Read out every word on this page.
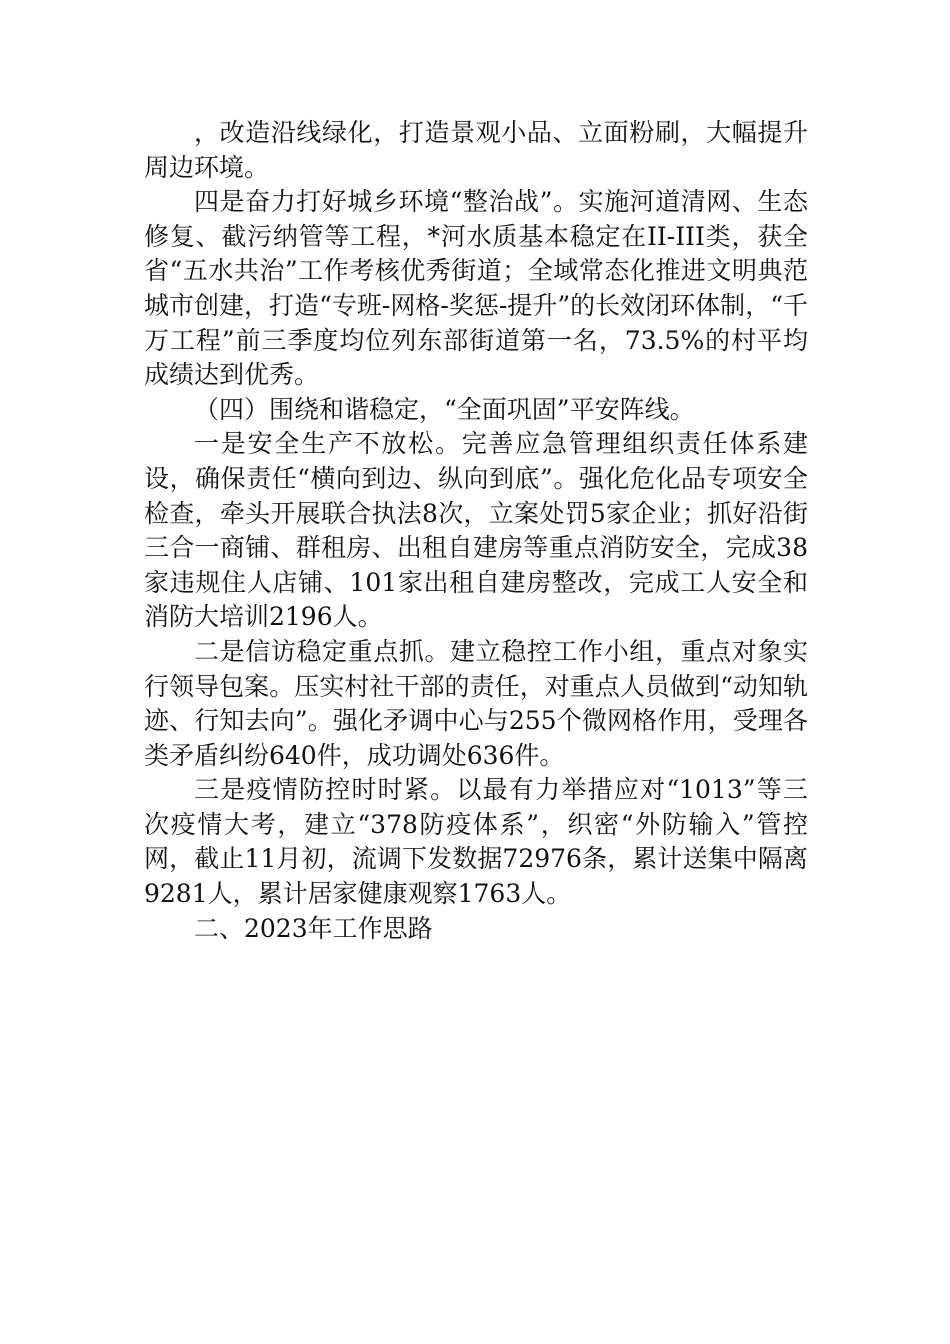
，改造沿线绿化，打造景观小品、立面粉刷，大幅提升周边环境。

四是奋力打好城乡环境“整治战”。实施河道清网、生态修复、截污纳管等工程，*河水质基本稳定在II-III类，获全省“五水共治”工作考核优秀街道；全域常态化推进文明典范城市创建，打造“专班-网格-奖惩-提升”的长效闭环体制，“千万工程”前三季度均位列东部街道第一名，73.5%的村平均成绩达到优秀。

（四）围绕和谐稳定，“全面巩固”平安阵线。

一是安全生产不放松。完善应急管理组织责任体系建设，确保责任“横向到边、纵向到底”。强化危化品专项安全检查，牵头开展联合执法8次，立案处罚5家企业；抓好沿街三合一商铺、群租房、出租自建房等重点消防安全，完成38家违规住人店铺、101家出租自建房整改，完成工人安全和消防大培训2196人。

二是信访稳定重点抓。建立稳控工作小组，重点对象实行领导包案。压实村社干部的责任，对重点人员做到“动知轨迹、行知去向”。强化矛调中心与255个微网格作用，受理各类矛盾纠纷640件，成功调处636件。

三是疫情防控时时紧。以最有力举措应对“1013”等三次疫情大考，建立“378防疫体系”，织密“外防输入”管控网，截止11月初，流调下发数据72976条，累计送集中隔离9281人，累计居家健康观察1763人。

二、2023年工作思路
